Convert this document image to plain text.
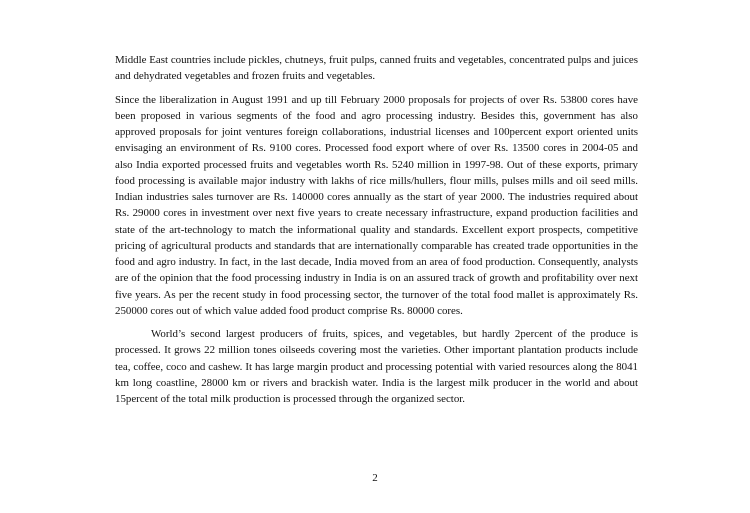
Middle East countries include pickles, chutneys, fruit pulps, canned fruits and vegetables, concentrated pulps and juices and dehydrated vegetables and frozen fruits and vegetables.

Since the liberalization in August 1991 and up till February 2000 proposals for projects of over Rs. 53800 cores have been proposed in various segments of the food and agro processing industry. Besides this, government has also approved proposals for joint ventures foreign collaborations, industrial licenses and 100percent export oriented units envisaging an environment of Rs. 9100 cores. Processed food export where of over Rs. 13500 cores in 2004-05 and also India exported processed fruits and vegetables worth Rs. 5240 million in 1997-98. Out of these exports, primary food processing is available major industry with lakhs of rice mills/hullers, flour mills, pulses mills and oil seed mills. Indian industries sales turnover are Rs. 140000 cores annually as the start of year 2000. The industries required about Rs. 29000 cores in investment over next five years to create necessary infrastructure, expand production facilities and state of the art-technology to match the informational quality and standards. Excellent export prospects, competitive pricing of agricultural products and standards that are internationally comparable has created trade opportunities in the food and agro industry. In fact, in the last decade, India moved from an area of food production. Consequently, analysts are of the opinion that the food processing industry in India is on an assured track of growth and profitability over next five years. As per the recent study in food processing sector, the turnover of the total food mallet is approximately Rs. 250000 cores out of which value added food product comprise Rs. 80000 cores.

World’s second largest producers of fruits, spices, and vegetables, but hardly 2percent of the produce is processed. It grows 22 million tones oilseeds covering most the varieties. Other important plantation products include tea, coffee, coco and cashew. It has large margin product and processing potential with varied resources along the 8041 km long coastline, 28000 km or rivers and brackish water. India is the largest milk producer in the world and about 15percent of the total milk production is processed through the organized sector.

2
